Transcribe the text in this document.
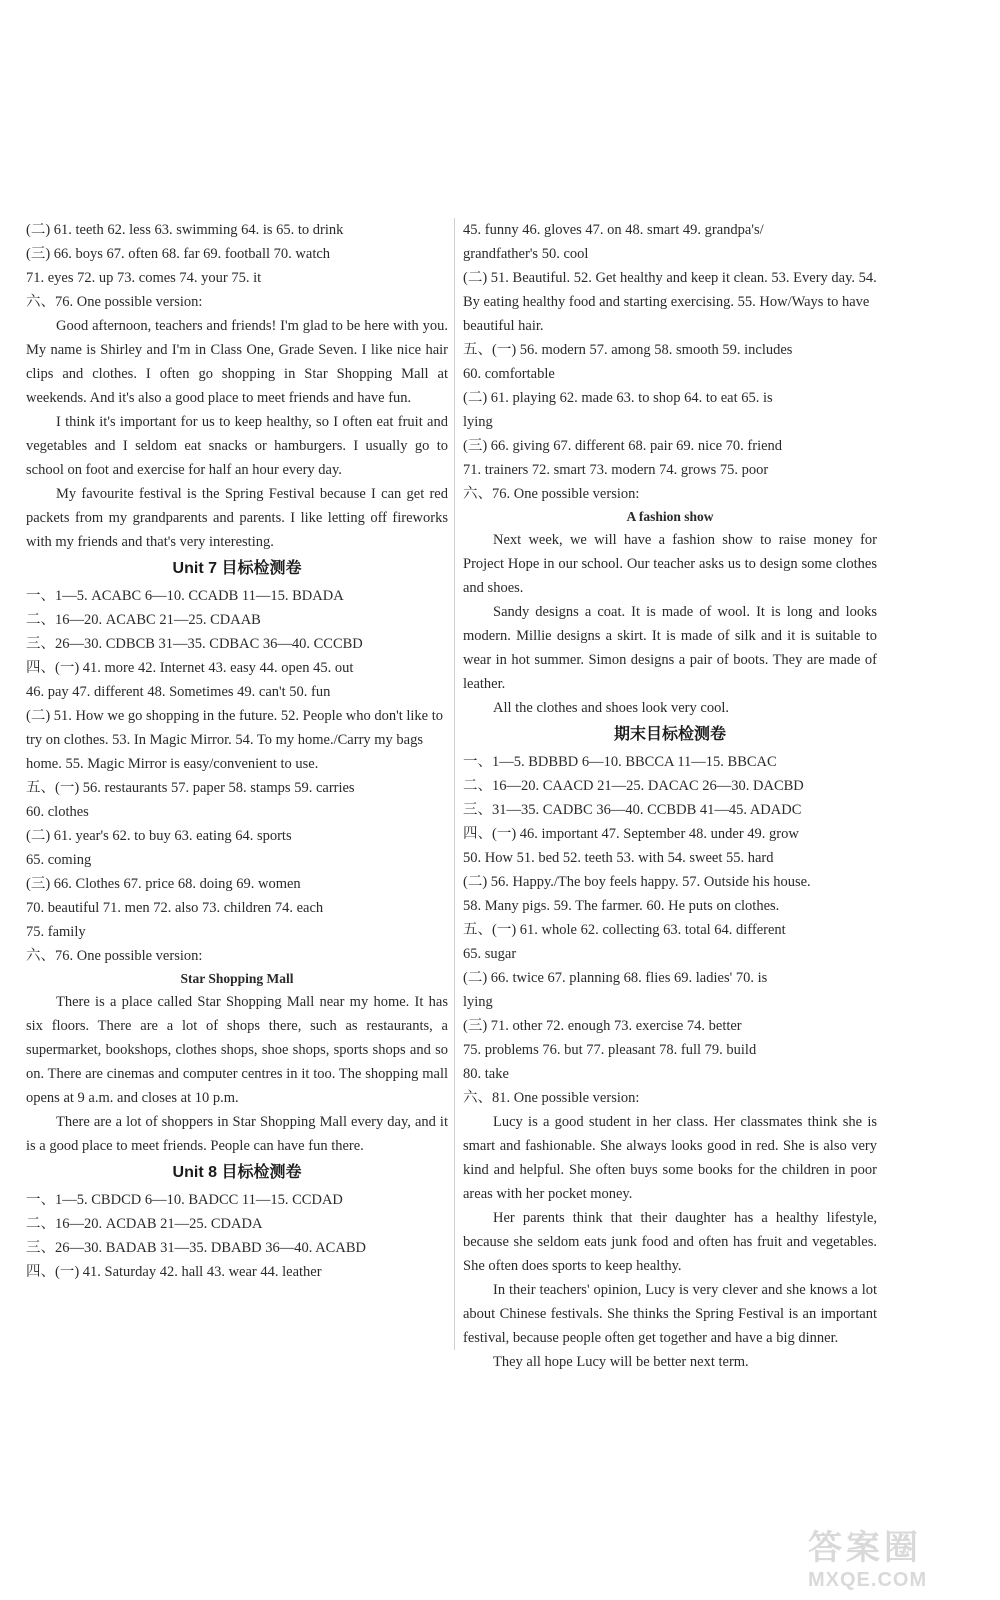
(二) 61. teeth 62. less 63. swimming 64. is 65. to drink
(三) 66. boys 67. often 68. far 69. football 70. watch
71. eyes 72. up 73. comes 74. your 75. it
六、76. One possible version:
Good afternoon, teachers and friends! I'm glad to be here with you. My name is Shirley and I'm in Class One, Grade Seven. I like nice hair clips and clothes. I often go shopping in Star Shopping Mall at weekends. And it's also a good place to meet friends and have fun.
I think it's important for us to keep healthy, so I often eat fruit and vegetables and I seldom eat snacks or hamburgers. I usually go to school on foot and exercise for half an hour every day.
My favourite festival is the Spring Festival because I can get red packets from my grandparents and parents. I like letting off fireworks with my friends and that's very interesting.
Unit 7 目标检测卷
一、1—5. ACABC 6—10. CCADB 11—15. BDADA
二、16—20. ACABC 21—25. CDAAB
三、26—30. CDBCB 31—35. CDBAC 36—40. CCCBD
四、(一) 41. more 42. Internet 43. easy 44. open 45. out
46. pay 47. different 48. Sometimes 49. can't 50. fun
(二) 51. How we go shopping in the future. 52. People who don't like to try on clothes. 53. In Magic Mirror. 54. To my home./Carry my bags home. 55. Magic Mirror is easy/convenient to use.
五、(一) 56. restaurants 57. paper 58. stamps 59. carries
60. clothes
(二) 61. year's 62. to buy 63. eating 64. sports
65. coming
(三) 66. Clothes 67. price 68. doing 69. women
70. beautiful 71. men 72. also 73. children 74. each
75. family
六、76. One possible version:
Star Shopping Mall
There is a place called Star Shopping Mall near my home. It has six floors. There are a lot of shops there, such as restaurants, a supermarket, bookshops, clothes shops, shoe shops, sports shops and so on. There are cinemas and computer centres in it too. The shopping mall opens at 9 a.m. and closes at 10 p.m.
There are a lot of shoppers in Star Shopping Mall every day, and it is a good place to meet friends. People can have fun there.
Unit 8 目标检测卷
一、1—5. CBDCD 6—10. BADCC 11—15. CCDAD
二、16—20. ACDAB 21—25. CDADA
三、26—30. BADAB 31—35. DBABD 36—40. ACABD
四、(一) 41. Saturday 42. hall 43. wear 44. leather
45. funny 46. gloves 47. on 48. smart 49. grandpa's/
grandfather's 50. cool
(二) 51. Beautiful. 52. Get healthy and keep it clean. 53. Every day. 54. By eating healthy food and starting exercising. 55. How/Ways to have beautiful hair.
五、(一) 56. modern 57. among 58. smooth 59. includes
60. comfortable
(二) 61. playing 62. made 63. to shop 64. to eat 65. is
lying
(三) 66. giving 67. different 68. pair 69. nice 70. friend
71. trainers 72. smart 73. modern 74. grows 75. poor
六、76. One possible version:
A fashion show
Next week, we will have a fashion show to raise money for Project Hope in our school. Our teacher asks us to design some clothes and shoes.
Sandy designs a coat. It is made of wool. It is long and looks modern. Millie designs a skirt. It is made of silk and it is suitable to wear in hot summer. Simon designs a pair of boots. They are made of leather.
All the clothes and shoes look very cool.
期末目标检测卷
一、1—5. BDBBD 6—10. BBCCA 11—15. BBCAC
二、16—20. CAACD 21—25. DACAC 26—30. DACBD
三、31—35. CADBC 36—40. CCBDB 41—45. ADADC
四、(一) 46. important 47. September 48. under 49. grow
50. How 51. bed 52. teeth 53. with 54. sweet 55. hard
(二) 56. Happy./The boy feels happy. 57. Outside his house.
58. Many pigs. 59. The farmer. 60. He puts on clothes.
五、(一) 61. whole 62. collecting 63. total 64. different
65. sugar
(二) 66. twice 67. planning 68. flies 69. ladies' 70. is
lying
(三) 71. other 72. enough 73. exercise 74. better
75. problems 76. but 77. pleasant 78. full 79. build
80. take
六、81. One possible version:
Lucy is a good student in her class. Her classmates think she is smart and fashionable. She always looks good in red. She is also very kind and helpful. She often buys some books for the children in poor areas with her pocket money.
Her parents think that their daughter has a healthy lifestyle, because she seldom eats junk food and often has fruit and vegetables. She often does sports to keep healthy.
In their teachers' opinion, Lucy is very clever and she knows a lot about Chinese festivals. She thinks the Spring Festival is an important festival, because people often get together and have a big dinner.
They all hope Lucy will be better next term.
答案圈
MXQE.COM
